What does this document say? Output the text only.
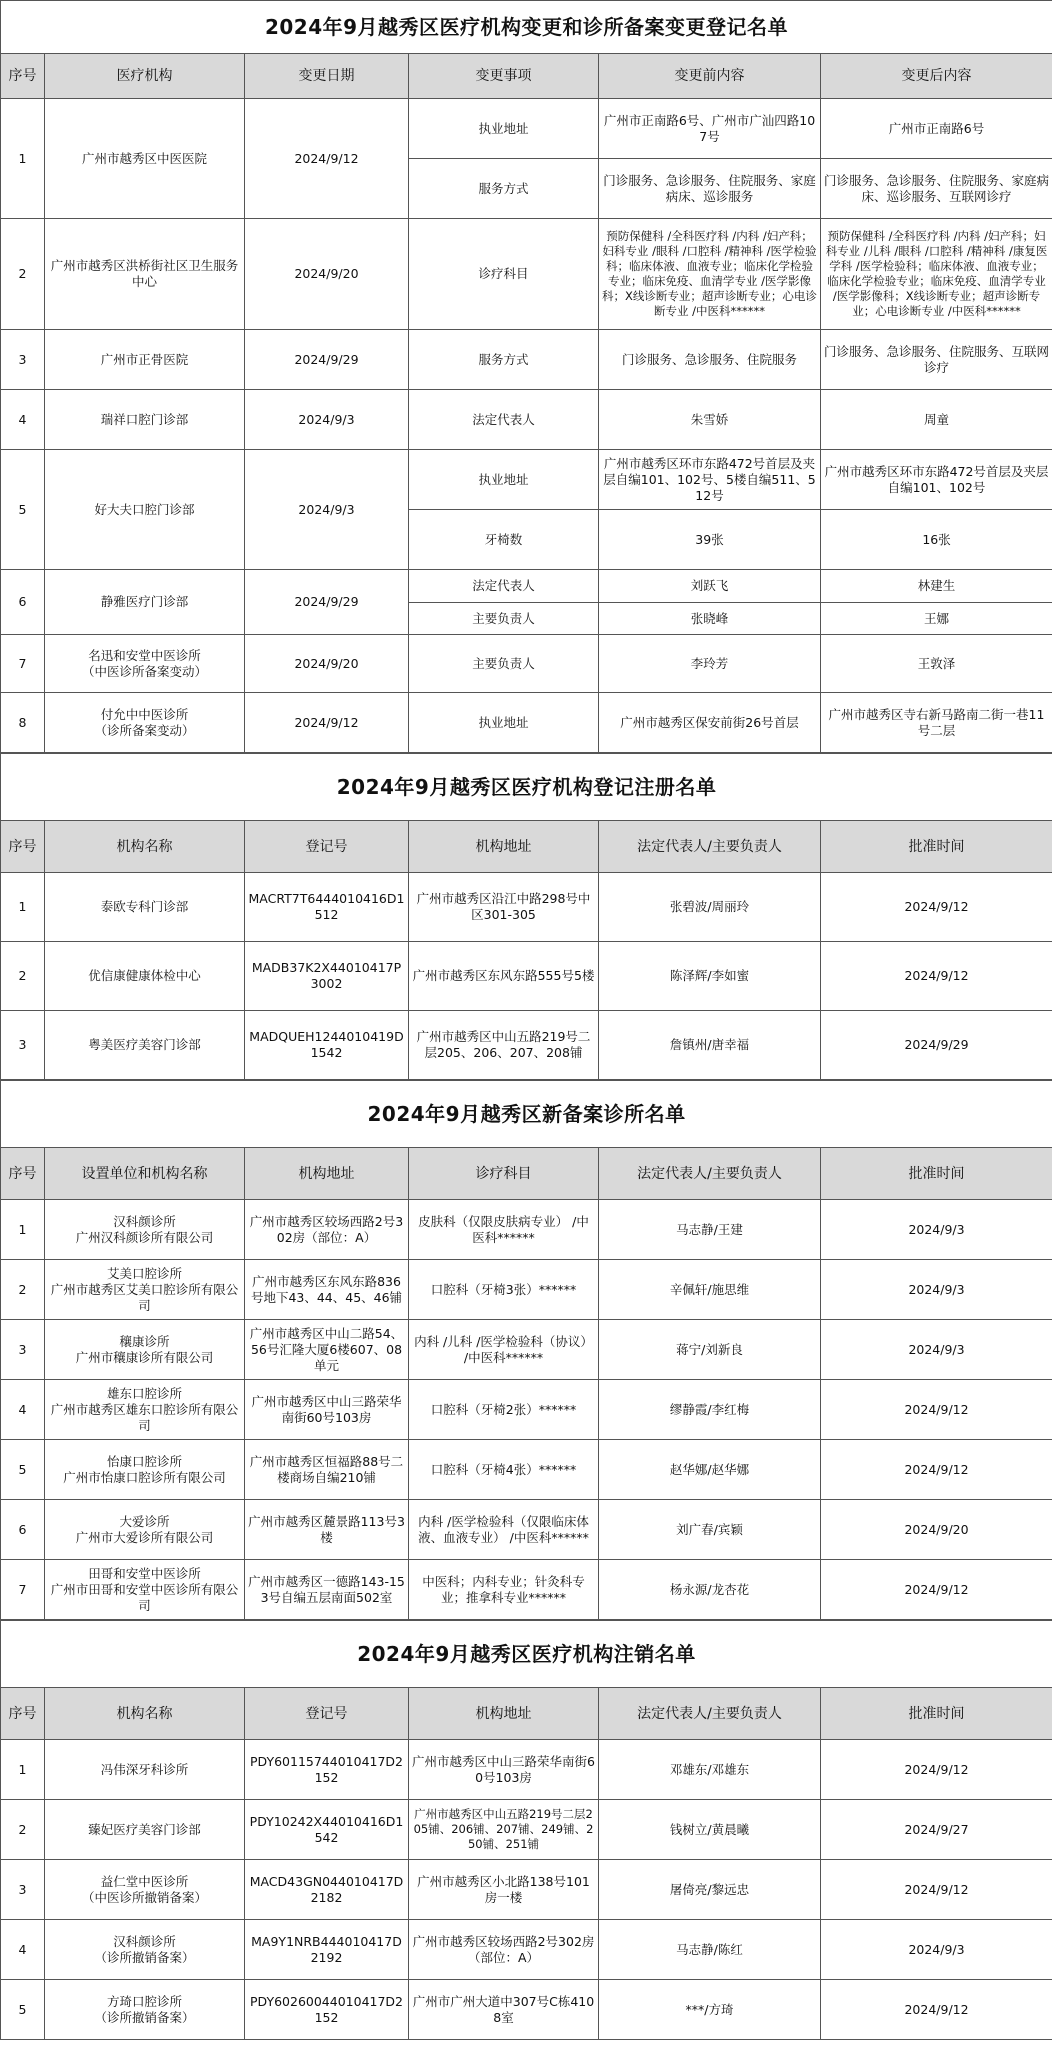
2024年9月越秀区医疗机构变更和诊所备案变更登记名单					
序号	医疗机构	变更日期	变更事项	变更前内容	变更后内容
1	广州市越秀区中医医院	2024/9/12	执业地址	广州市正南路6号、广州市广汕四路107号	广州市正南路6号
			服务方式	门诊服务、急诊服务、住院服务、家庭病床、巡诊服务	门诊服务、急诊服务、住院服务、家庭病床、巡诊服务、互联网诊疗
2	广州市越秀区洪桥街社区卫生服务中心	2024/9/20	诊疗科目	预防保健科 /全科医疗科 /内科 /妇产科；妇科专业 /眼科 /口腔科 /精神科 /医学检验科；临床体液、血液专业；临床化学检验专业；临床免疫、血清学专业 /医学影像科；X线诊断专业；超声诊断专业；心电诊断专业 /中医科******	预防保健科 /全科医疗科 /内科 /妇产科；妇科专业 /儿科 /眼科 /口腔科 /精神科 /康复医学科 /医学检验科；临床体液、血液专业；临床化学检验专业；临床免疫、血清学专业 /医学影像科；X线诊断专业；超声诊断专业；心电诊断专业 /中医科******
3	广州市正骨医院	2024/9/29	服务方式	门诊服务、急诊服务、住院服务	门诊服务、急诊服务、住院服务、互联网诊疗
4	瑞祥口腔门诊部	2024/9/3	法定代表人	朱雪娇	周童
5	好大夫口腔门诊部	2024/9/3	执业地址	广州市越秀区环市东路472号首层及夹层自编101、102号、5楼自编511、512号	广州市越秀区环市东路472号首层及夹层自编101、102号
			牙椅数	39张	16张
6	静雅医疗门诊部	2024/9/29	法定代表人	刘跃飞	林建生
			主要负责人	张晓峰	王娜
7	名迅和安堂中医诊所
（中医诊所备案变动）	2024/9/20	主要负责人	李玲芳	王敦泽
8	付允中中医诊所
（诊所备案变动）	2024/9/12	执业地址	广州市越秀区保安前街26号首层	广州市越秀区寺右新马路南二街一巷11号二层
2024年9月越秀区医疗机构登记注册名单					
序号	机构名称	登记号	机构地址	法定代表人/主要负责人	批准时间
1	泰欧专科门诊部	MACRT7T6444010416D1512	广州市越秀区沿江中路298号中区301-305	张碧波/周丽玲	2024/9/12
2	优信康健康体检中心	MADB37K2X44010417P3002	广州市越秀区东风东路555号5楼	陈泽辉/李如蜜	2024/9/12
3	粤美医疗美容门诊部	MADQUEH1244010419D1542	广州市越秀区中山五路219号二层205、206、207、208铺	詹镇州/唐幸福	2024/9/29
2024年9月越秀区新备案诊所名单					
序号	设置单位和机构名称	机构地址	诊疗科目	法定代表人/主要负责人	批准时间
1	汉科颜诊所
广州汉科颜诊所有限公司	广州市越秀区较场西路2号302房（部位：A）	皮肤科（仅限皮肤病专业） /中医科******	马志静/王建	2024/9/3
2	艾美口腔诊所
广州市越秀区艾美口腔诊所有限公司	广州市越秀区东风东路836号地下43、44、45、46铺	口腔科（牙椅3张）******	辛佩轩/施思维	2024/9/3
3	穰康诊所
广州市穰康诊所有限公司	广州市越秀区中山二路54、56号汇隆大厦6楼607、08单元	内科 /儿科 /医学检验科（协议） /中医科******	蒋宁/刘新良	2024/9/3
4	雄东口腔诊所
广州市越秀区雄东口腔诊所有限公司	广州市越秀区中山三路荣华南街60号103房	口腔科（牙椅2张）******	缪静霞/李红梅	2024/9/12
5	怡康口腔诊所
广州市怡康口腔诊所有限公司	广州市越秀区恒福路88号二楼商场自编210铺	口腔科（牙椅4张）******	赵华娜/赵华娜	2024/9/12
6	大爱诊所
广州市大爱诊所有限公司	广州市越秀区麓景路113号3楼	内科 /医学检验科（仅限临床体液、血液专业） /中医科******	刘广春/宾颖	2024/9/20
7	田哥和安堂中医诊所
广州市田哥和安堂中医诊所有限公司	广州市越秀区一德路143-153号自编五层南面502室	中医科；内科专业；针灸科专业；推拿科专业******	杨永源/龙杏花	2024/9/12
2024年9月越秀区医疗机构注销名单					
序号	机构名称	登记号	机构地址	法定代表人/主要负责人	批准时间
1	冯伟深牙科诊所	PDY60115744010417D2152	广州市越秀区中山三路荣华南街60号103房	邓雄东/邓雄东	2024/9/12
2	臻妃医疗美容门诊部	PDY10242X44010416D1542	广州市越秀区中山五路219号二层205铺、206铺、207铺、249铺、250铺、251铺	钱树立/黄晨曦	2024/9/27
3	益仁堂中医诊所
（中医诊所撤销备案）	MACD43GN044010417D2182	广州市越秀区小北路138号101房一楼	屠倚亮/黎远忠	2024/9/12
4	汉科颜诊所
（诊所撤销备案）	MA9Y1NRB444010417D2192	广州市越秀区较场西路2号302房（部位：A）	马志静/陈红	2024/9/3
5	方琦口腔诊所
（诊所撤销备案）	PDY60260044010417D2152	广州市广州大道中307号C栋4108室	***/方琦	2024/9/12
